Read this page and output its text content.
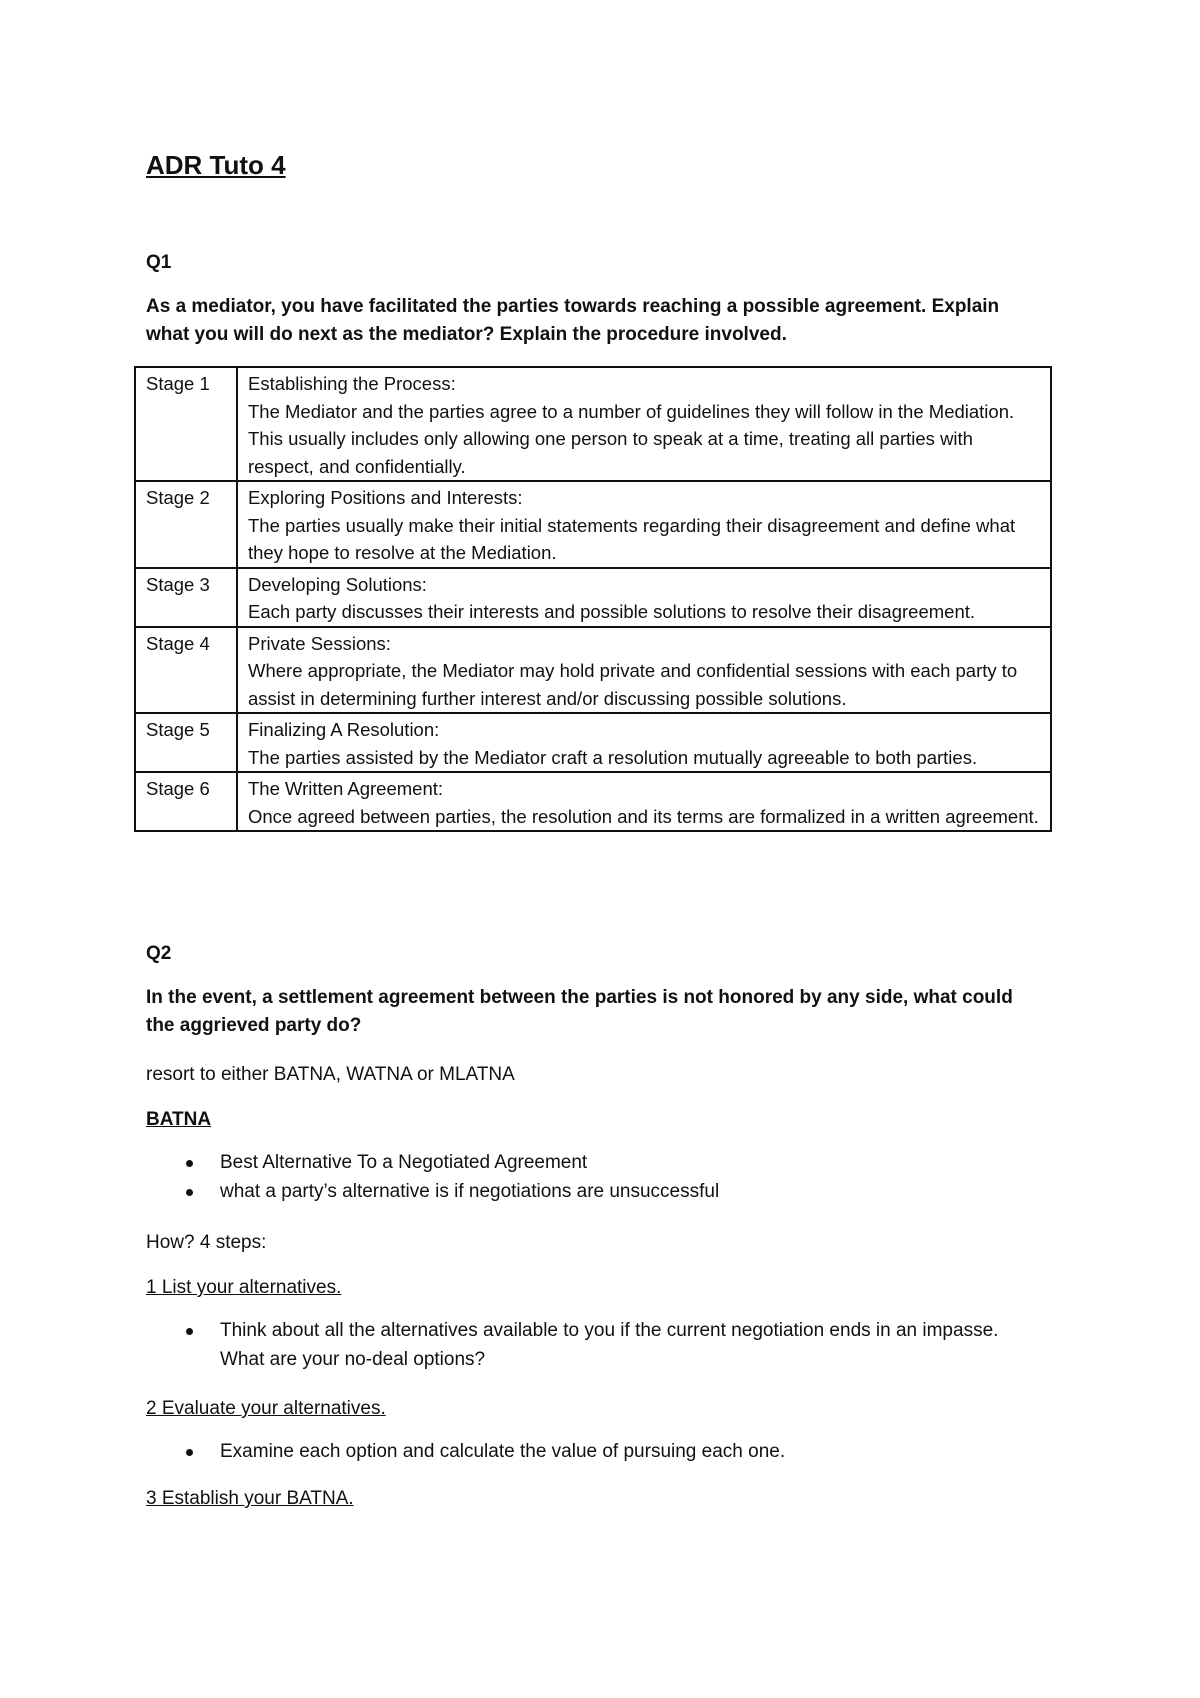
ADR Tuto 4

Q1

As a mediator, you have facilitated the parties towards reaching a possible agreement. Explain what you will do next as the mediator? Explain the procedure involved.

Stage 1	Establishing the Process:
The Mediator and the parties agree to a number of guidelines they will follow in the Mediation. This usually includes only allowing one person to speak at a time, treating all parties with respect, and confidentially.

Stage 2	Exploring Positions and Interests:
The parties usually make their initial statements regarding their disagreement and define what they hope to resolve at the Mediation.

Stage 3	Developing Solutions:
Each party discusses their interests and possible solutions to resolve their disagreement.

Stage 4	Private Sessions:
Where appropriate, the Mediator may hold private and confidential sessions with each party to assist in determining further interest and/or discussing possible solutions.

Stage 5	Finalizing A Resolution:
The parties assisted by the Mediator craft a resolution mutually agreeable to both parties.

Stage 6	The Written Agreement:
Once agreed between parties, the resolution and its terms are formalized in a written agreement.

Q2

In the event, a settlement agreement between the parties is not honored by any side, what could the aggrieved party do?

resort to either BATNA, WATNA or MLATNA

BATNA

Best Alternative To a Negotiated Agreement
what a party’s alternative is if negotiations are unsuccessful

How? 4 steps:

1 List your alternatives.

Think about all the alternatives available to you if the current negotiation ends in an impasse. What are your no-deal options?

2 Evaluate your alternatives.

Examine each option and calculate the value of pursuing each one.

3 Establish your BATNA.
